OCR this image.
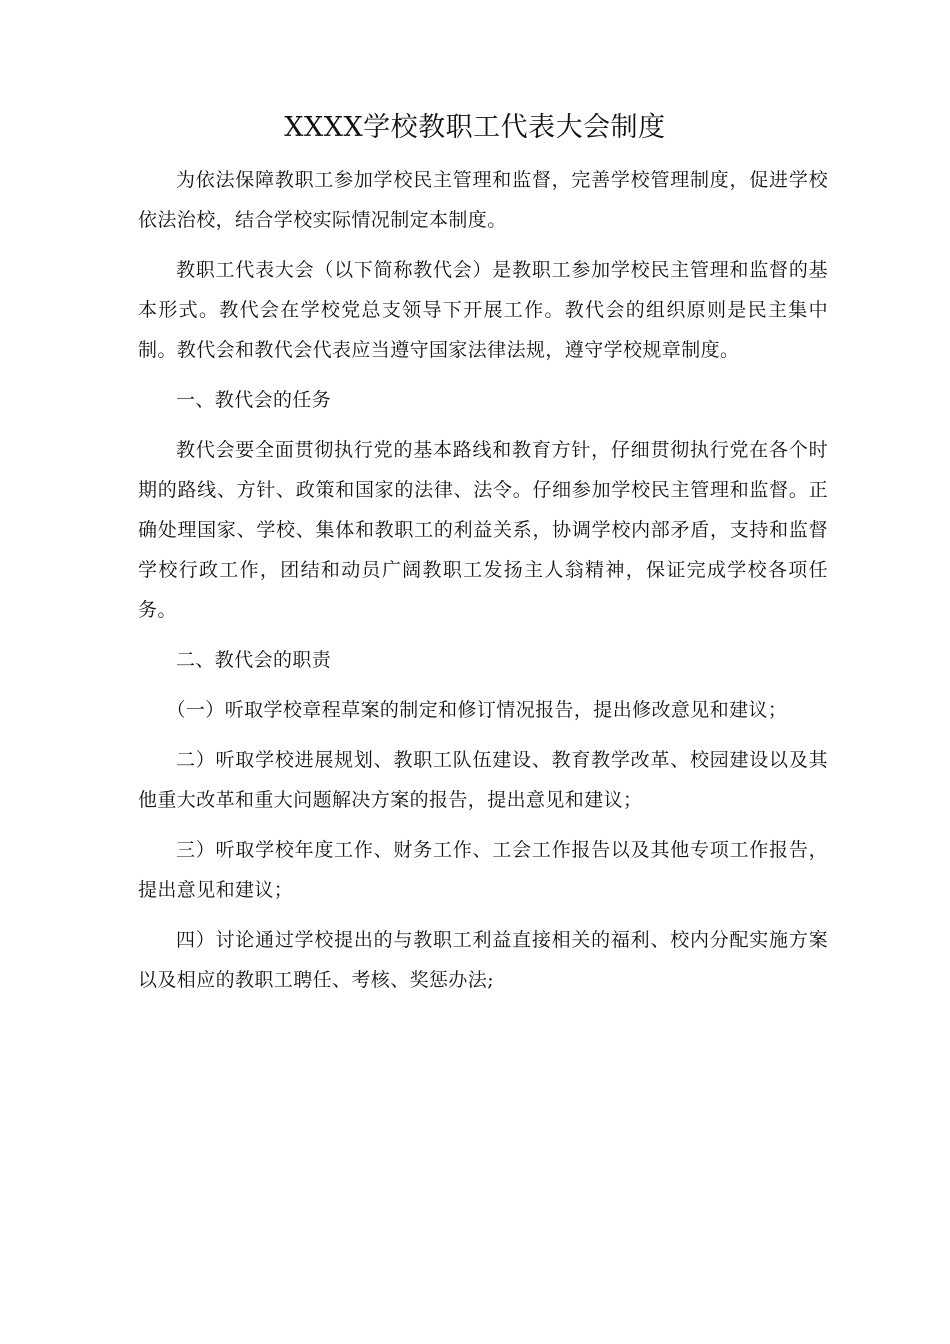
XXXX学校教职工代表大会制度

为依法保障教职工参加学校民主管理和监督，完善学校管理制度，促进学校依法治校，结合学校实际情况制定本制度。

教职工代表大会（以下简称教代会）是教职工参加学校民主管理和监督的基本形式。教代会在学校党总支领导下开展工作。教代会的组织原则是民主集中制。教代会和教代会代表应当遵守国家法律法规，遵守学校规章制度。

一、教代会的任务

教代会要全面贯彻执行党的基本路线和教育方针，仔细贯彻执行党在各个时期的路线、方针、政策和国家的法律、法令。仔细参加学校民主管理和监督。正确处理国家、学校、集体和教职工的利益关系，协调学校内部矛盾，支持和监督学校行政工作，团结和动员广阔教职工发扬主人翁精神，保证完成学校各项任务。

二、教代会的职责

（一）听取学校章程草案的制定和修订情况报告，提出修改意见和建议；

二）听取学校进展规划、教职工队伍建设、教育教学改革、校园建设以及其他重大改革和重大问题解决方案的报告，提出意见和建议；

三）听取学校年度工作、财务工作、工会工作报告以及其他专项工作报告，提出意见和建议；

四）讨论通过学校提出的与教职工利益直接相关的福利、校内分配实施方案以及相应的教职工聘任、考核、奖惩办法;
